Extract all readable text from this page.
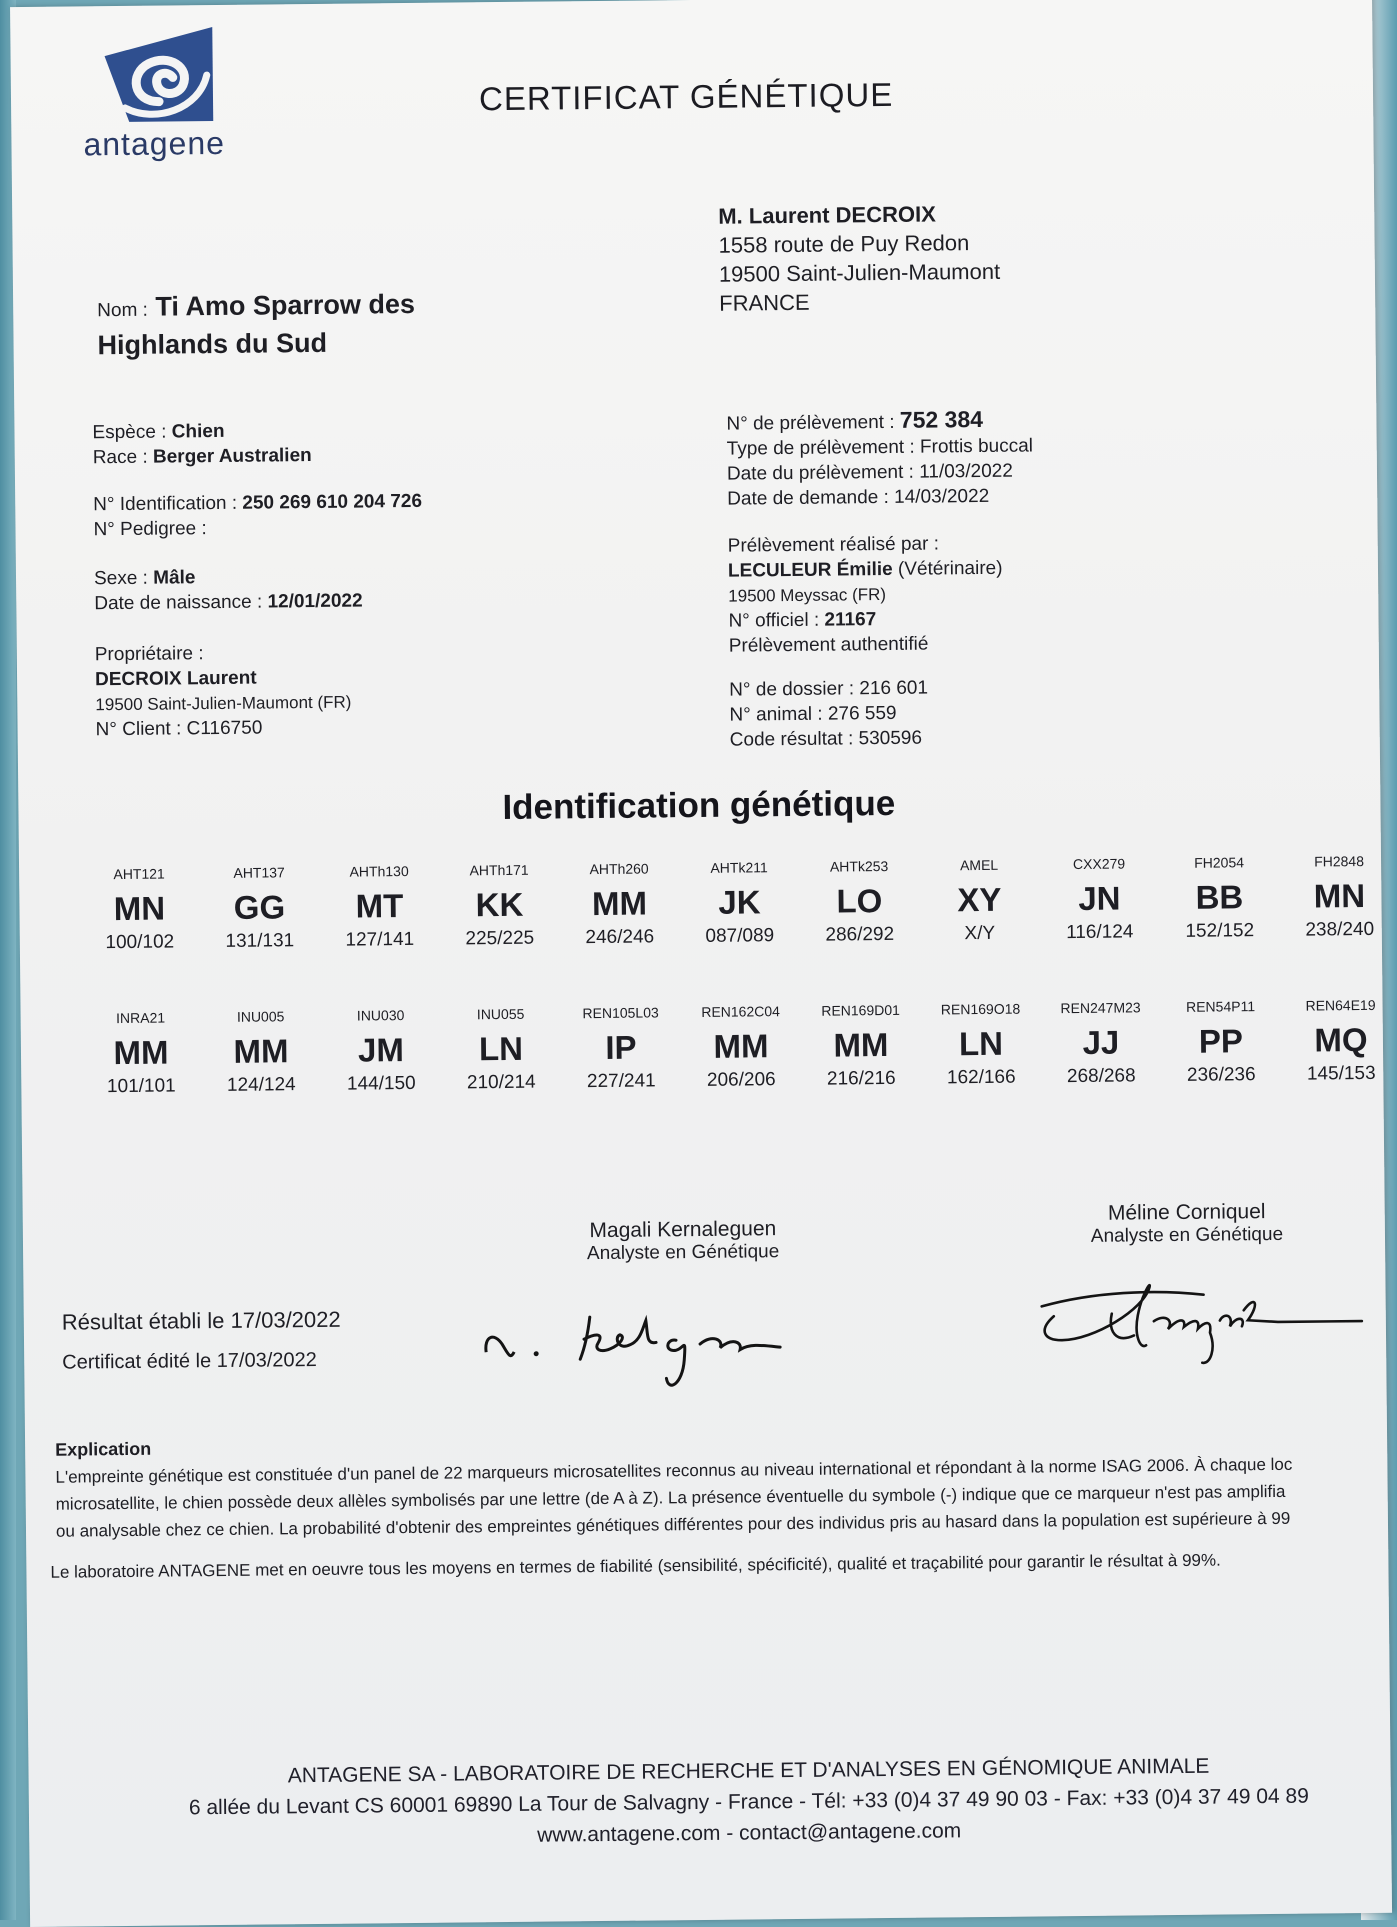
antagene
CERTIFICAT GÉNÉTIQUE
M. Laurent DECROIX
1558 route de Puy Redon
19500 Saint-Julien-Maumont
FRANCE
Nom : Ti Amo Sparrow des
Highlands du Sud
Espèce : Chien
Race : Berger Australien
N° Identification : 250 269 610 204 726
N° Pedigree :
Sexe : Mâle
Date de naissance : 12/01/2022
Propriétaire :
DECROIX Laurent
19500 Saint-Julien-Maumont (FR)
N° Client : C116750
N° de prélèvement : 752 384
Type de prélèvement : Frottis buccal
Date du prélèvement : 11/03/2022
Date de demande : 14/03/2022
Prélèvement réalisé par :
LECULEUR Émilie (Vétérinaire)
19500 Meyssac (FR)
N° officiel : 21167
Prélèvement authentifié
N° de dossier : 216 601
N° animal : 276 559
Code résultat : 530596
Identification génétique
AHT121
MN
100/102
AHT137
GG
131/131
AHTh130
MT
127/141
AHTh171
KK
225/225
AHTh260
MM
246/246
AHTk211
JK
087/089
AHTk253
LO
286/292
AMEL
XY
X/Y
CXX279
JN
116/124
FH2054
BB
152/152
FH2848
MN
238/240
INRA21
MM
101/101
INU005
MM
124/124
INU030
JM
144/150
INU055
LN
210/214
REN105L03
IP
227/241
REN162C04
MM
206/206
REN169D01
MM
216/216
REN169O18
LN
162/166
REN247M23
JJ
268/268
REN54P11
PP
236/236
REN64E19
MQ
145/153
Magali Kernaleguen
Analyste en Génétique
Méline Corniquel
Analyste en Génétique
Résultat établi le 17/03/2022
Certificat édité le 17/03/2022
Explication
L'empreinte génétique est constituée d'un panel de 22 marqueurs microsatellites reconnus au niveau international et répondant à la norme ISAG 2006. À chaque loc
microsatellite, le chien possède deux allèles symbolisés par une lettre (de A à Z). La présence éventuelle du symbole (-) indique que ce marqueur n'est pas amplifia
ou analysable chez ce chien. La probabilité d'obtenir des empreintes génétiques différentes pour des individus pris au hasard dans la population est supérieure à 99
Le laboratoire ANTAGENE met en oeuvre tous les moyens en termes de fiabilité (sensibilité, spécificité), qualité et traçabilité pour garantir le résultat à 99%.
ANTAGENE SA - LABORATOIRE DE RECHERCHE ET D'ANALYSES EN GÉNOMIQUE ANIMALE
6 allée du Levant CS 60001 69890 La Tour de Salvagny - France - Tél: +33 (0)4 37 49 90 03 - Fax: +33 (0)4 37 49 04 89
www.antagene.com - contact@antagene.com
